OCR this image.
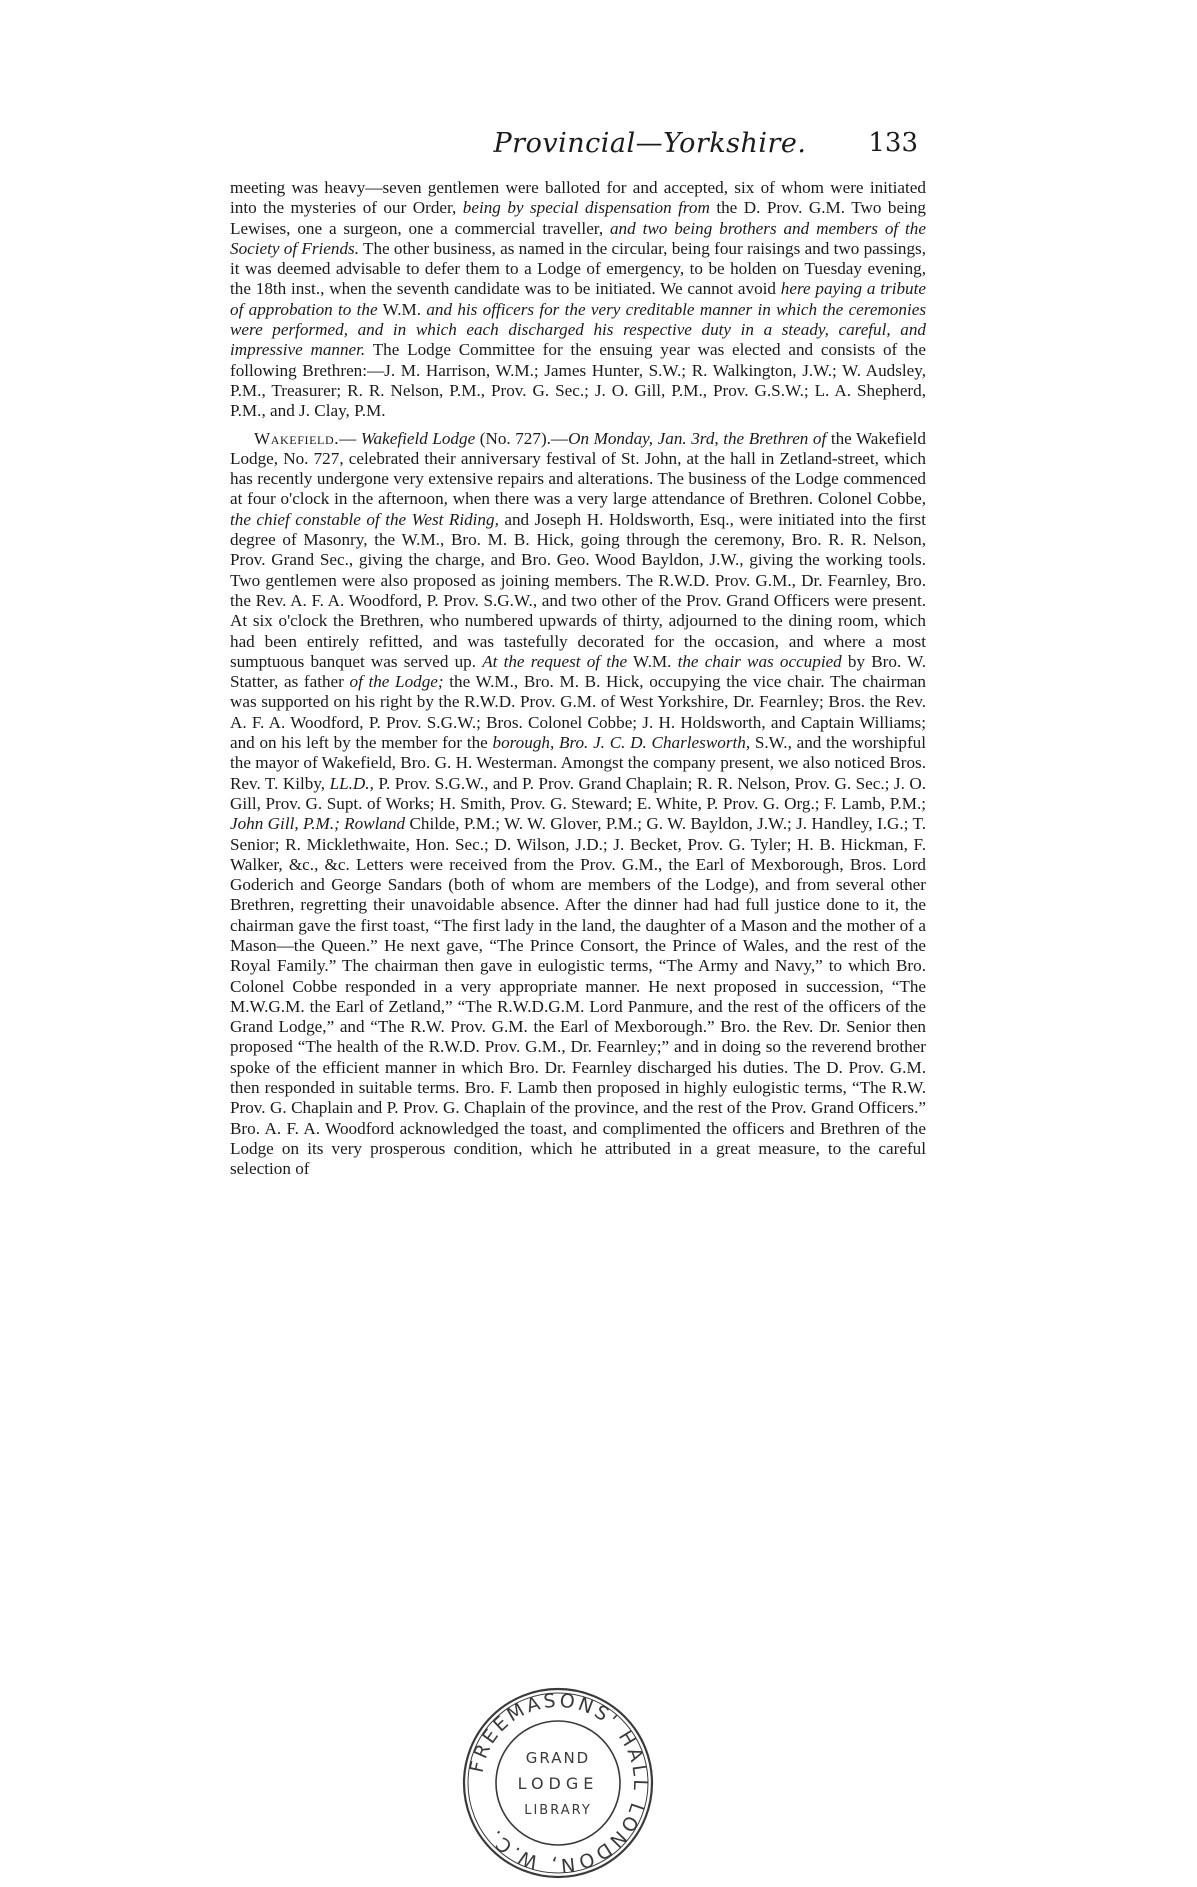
Provincial—Yorkshire. 133

meeting was heavy—seven gentlemen were balloted for and accepted, six of whom were initiated into the mysteries of our Order, being by special dispensation from the D. Prov. G.M. Two being Lewises, one a surgeon, one a commercial traveller, and two being brothers and members of the Society of Friends. The other business, as named in the circular, being four raisings and two passings, it was deemed advisable to defer them to a Lodge of emergency, to be holden on Tuesday evening, the 18th inst., when the seventh candidate was to be initiated. We cannot avoid here paying a tribute of approbation to the W.M. and his officers for the very creditable manner in which the ceremonies were performed, and in which each discharged his respective duty in a steady, careful, and impressive manner. The Lodge Committee for the ensuing year was elected and consists of the following Brethren:—J. M. Harrison, W.M.; James Hunter, S.W.; R. Walkington, J.W.; W. Audsley, P.M., Treasurer; R. R. Nelson, P.M., Prov. G. Sec.; J. O. Gill, P.M., Prov. G.S.W.; L. A. Shepherd, P.M., and J. Clay, P.M.

Wakefield.— Wakefield Lodge (No. 727).—On Monday, Jan. 3rd, the Brethren of the Wakefield Lodge, No. 727, celebrated their anniversary festival of St. John, at the hall in Zetland-street, which has recently undergone very extensive repairs and alterations. The business of the Lodge commenced at four o'clock in the afternoon, when there was a very large attendance of Brethren. Colonel Cobbe, the chief constable of the West Riding, and Joseph H. Holdsworth, Esq., were initiated into the first degree of Masonry, the W.M., Bro. M. B. Hick, going through the ceremony, Bro. R. R. Nelson, Prov. Grand Sec., giving the charge, and Bro. Geo. Wood Bayldon, J.W., giving the working tools. Two gentlemen were also proposed as joining members. The R.W.D. Prov. G.M., Dr. Fearnley, Bro. the Rev. A. F. A. Woodford, P. Prov. S.G.W., and two other of the Prov. Grand Officers were present. At six o'clock the Brethren, who numbered upwards of thirty, adjourned to the dining room, which had been entirely refitted, and was tastefully decorated for the occasion, and where a most sumptuous banquet was served up. At the request of the W.M. the chair was occupied by Bro. W. Statter, as father of the Lodge; the W.M., Bro. M. B. Hick, occupying the vice chair. The chairman was supported on his right by the R.W.D. Prov. G.M. of West Yorkshire, Dr. Fearnley; Bros. the Rev. A. F. A. Woodford, P. Prov. S.G.W.; Bros. Colonel Cobbe; J. H. Holdsworth, and Captain Williams; and on his left by the member for the borough, Bro. J. C. D. Charlesworth, S.W., and the worshipful the mayor of Wakefield, Bro. G. H. Westerman. Amongst the company present, we also noticed Bros. Rev. T. Kilby, LL.D., P. Prov. S.G.W., and P. Prov. Grand Chaplain; R. R. Nelson, Prov. G. Sec.; J. O. Gill, Prov. G. Supt. of Works; H. Smith, Prov. G. Steward; E. White, P. Prov. G. Org.; F. Lamb, P.M.; John Gill, P.M.; Rowland Childe, P.M.; W. W. Glover, P.M.; G. W. Bayldon, J.W.; J. Handley, I.G.; T. Senior; R. Micklethwaite, Hon. Sec.; D. Wilson, J.D.; J. Becket, Prov. G. Tyler; H. B. Hickman, F. Walker, &c., &c. Letters were received from the Prov. G.M., the Earl of Mexborough, Bros. Lord Goderich and George Sandars (both of whom are members of the Lodge), and from several other Brethren, regretting their unavoidable absence. After the dinner had had full justice done to it, the chairman gave the first toast, “The first lady in the land, the daughter of a Mason and the mother of a Mason—the Queen.” He next gave, “The Prince Consort, the Prince of Wales, and the rest of the Royal Family.” The chairman then gave in eulogistic terms, “The Army and Navy,” to which Bro. Colonel Cobbe responded in a very appropriate manner. He next proposed in succession, “The M.W.G.M. the Earl of Zetland,” “The R.W.D.G.M. Lord Panmure, and the rest of the officers of the Grand Lodge,” and “The R.W. Prov. G.M. the Earl of Mexborough.” Bro. the Rev. Dr. Senior then proposed “The health of the R.W.D. Prov. G.M., Dr. Fearnley;” and in doing so the reverend brother spoke of the efficient manner in which Bro. Dr. Fearnley discharged his duties. The D. Prov. G.M. then responded in suitable terms. Bro. F. Lamb then proposed in highly eulogistic terms, “The R.W. Prov. G. Chaplain and P. Prov. G. Chaplain of the province, and the rest of the Prov. Grand Officers.” Bro. A. F. A. Woodford acknowledged the toast, and complimented the officers and Brethren of the Lodge on its very prosperous condition, which he attributed in a great measure, to the careful selection of

FREEMASONS' HALL LONDON, W.C.
GRAND
LODGE
LIBRARY
